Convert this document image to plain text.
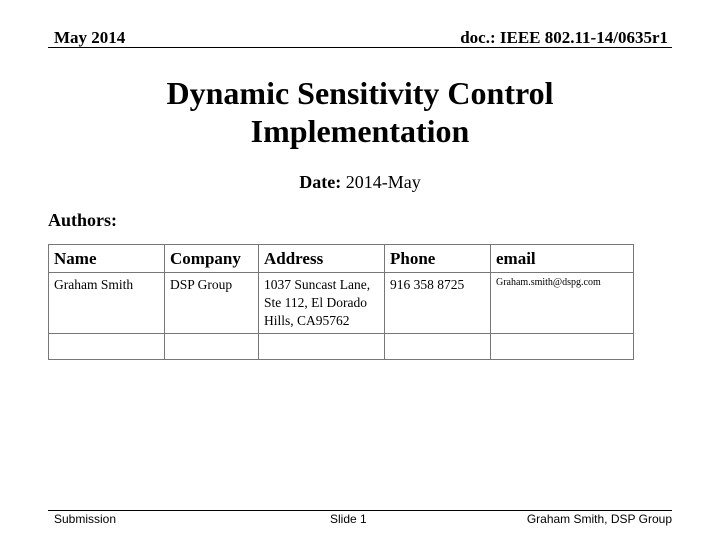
May 2014	doc.: IEEE 802.11-14/0635r1
Dynamic Sensitivity Control Implementation
Date: 2014-May
Authors:
Name	Company	Address	Phone	email
Graham Smith	DSP Group	1037 Suncast Lane, Ste 112, El Dorado Hills, CA95762	916 358 8725	Graham.smith@dspg.com

Submission	Slide 1	Graham Smith, DSP Group
